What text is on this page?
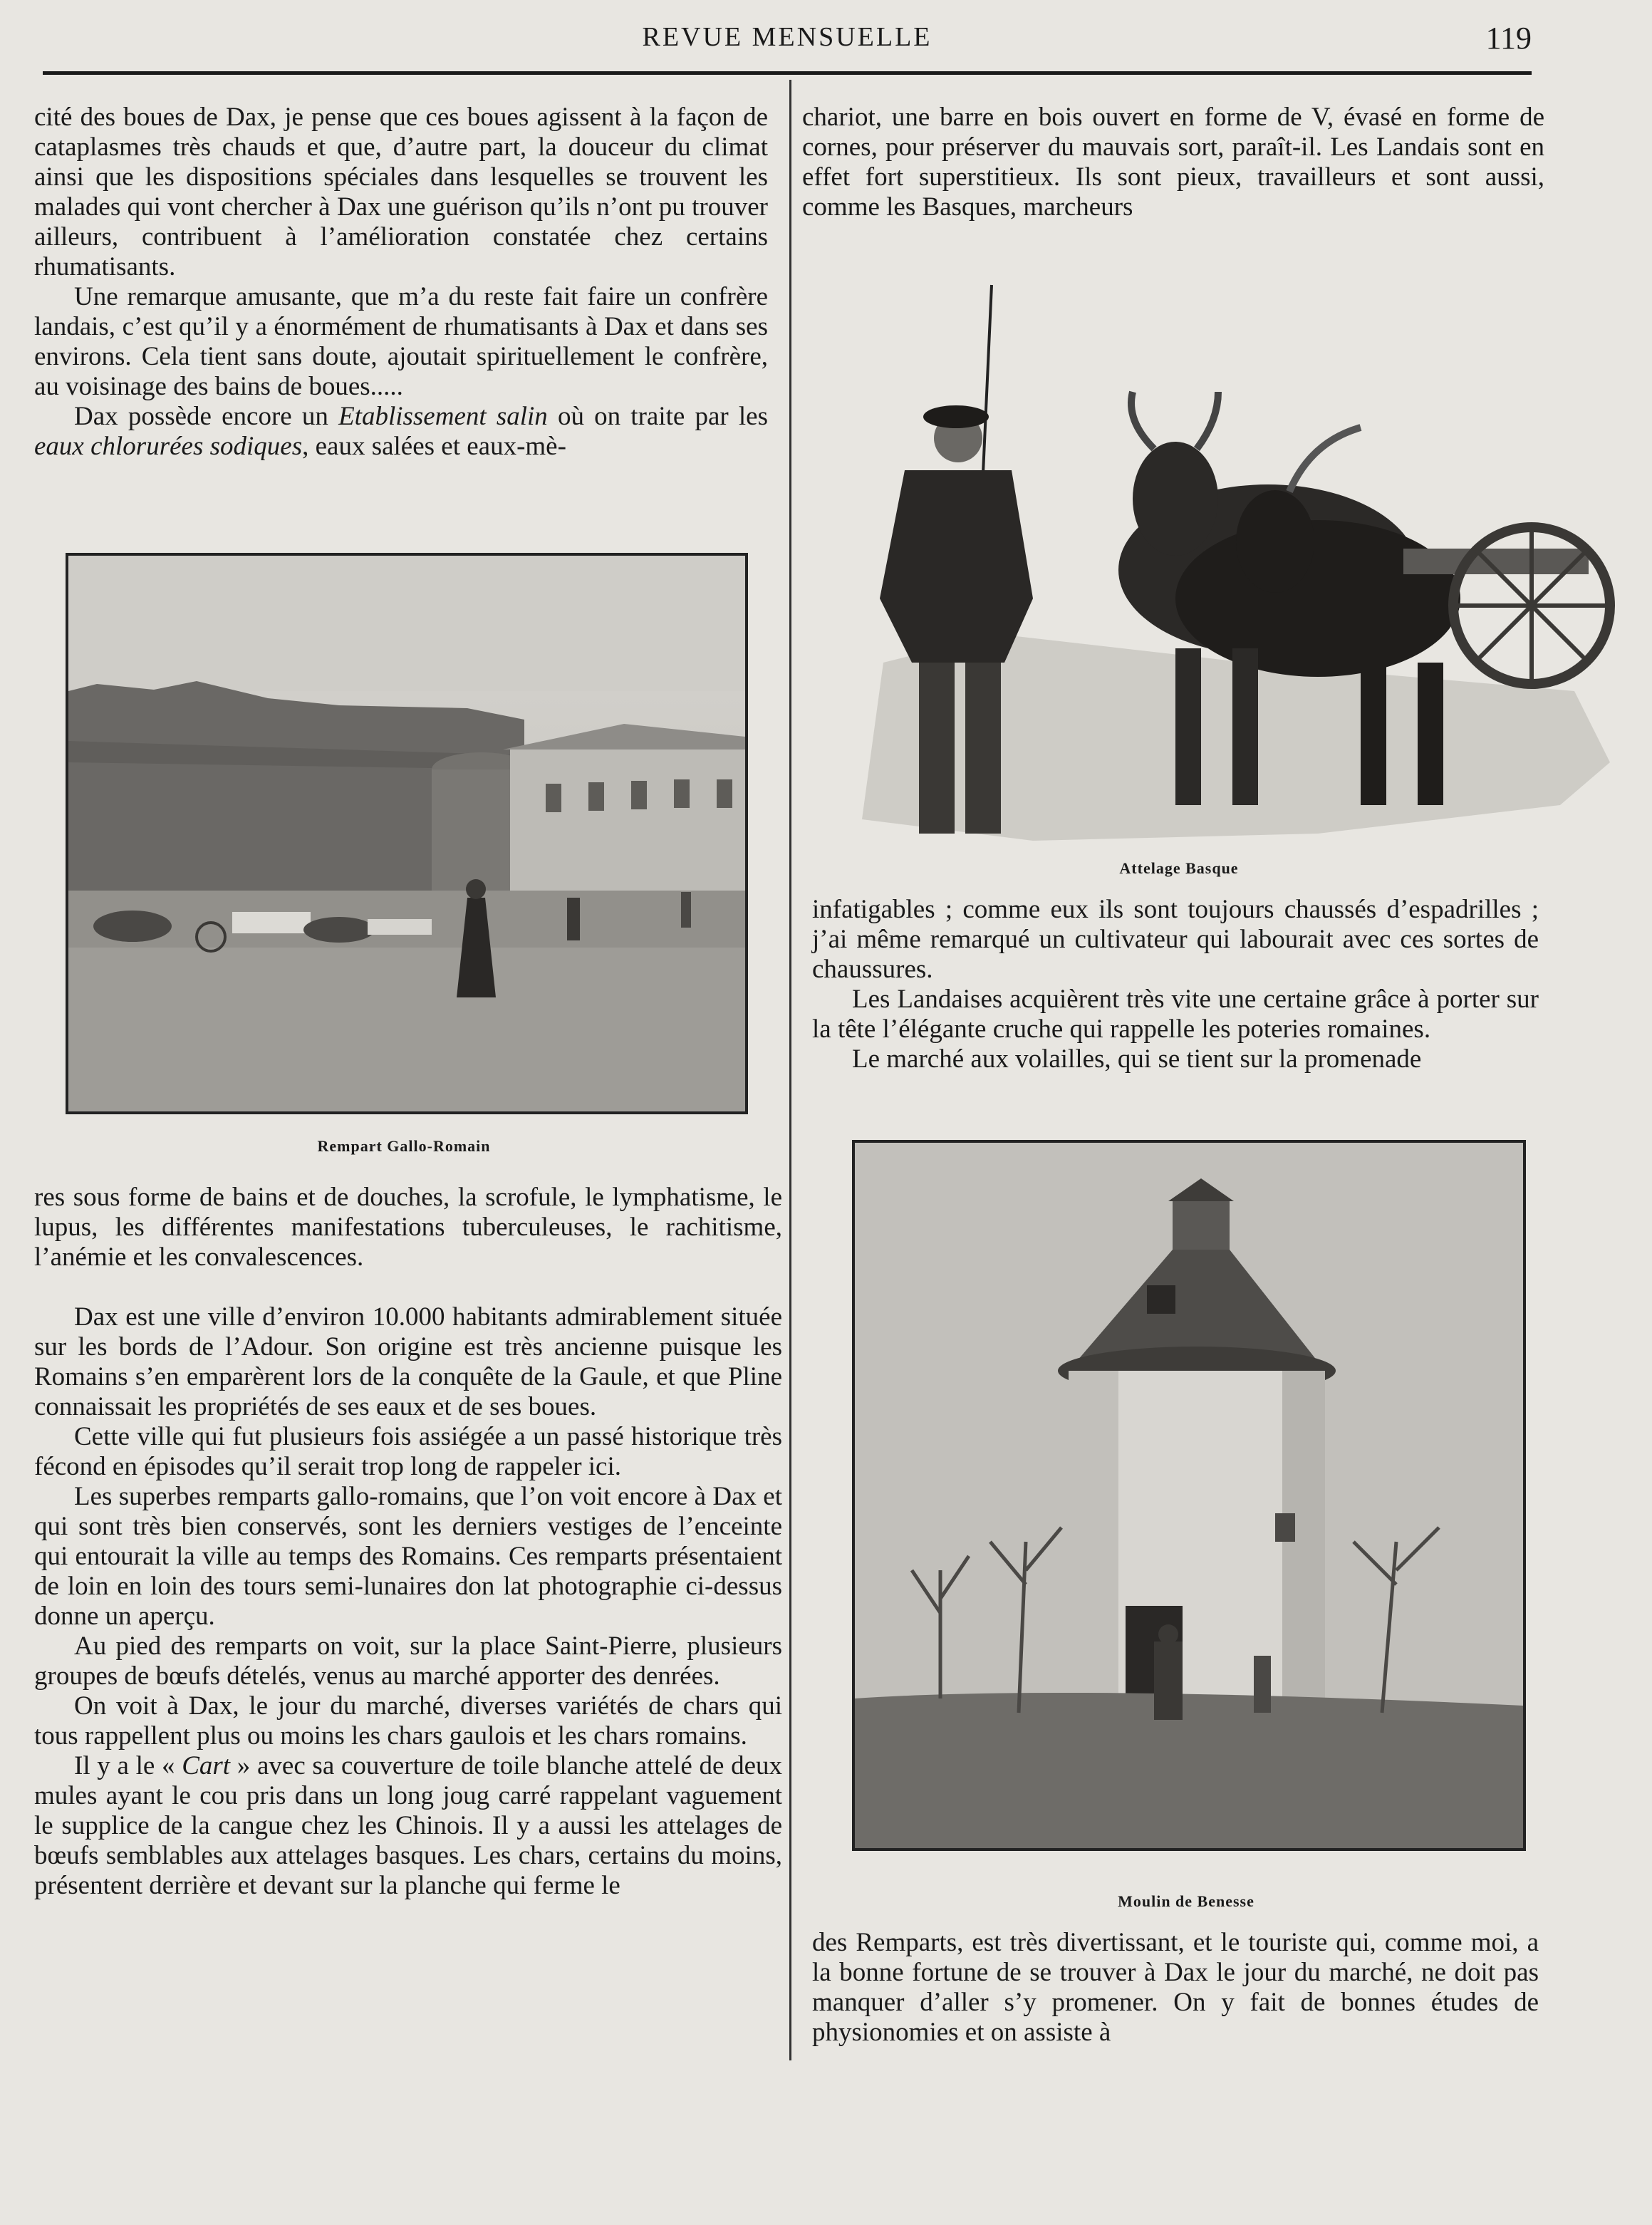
REVUE MENSUELLE	119

cité des boues de Dax, je pense que ces boues agissent à la façon de cataplasmes très chauds et que, d’autre part, la douceur du climat ainsi que les dispositions spéciales dans lesquelles se trouvent les malades qui vont chercher à Dax une guérison qu’ils n’ont pu trouver ailleurs, contribuent à l’amélioration constatée chez certains rhumatisants.

Une remarque amusante, que m’a du reste fait faire un confrère landais, c’est qu’il y a énormément de rhumatisants à Dax et dans ses environs. Cela tient sans doute, ajoutait spirituellement le confrère, au voisinage des bains de boues.....

Dax possède encore un Etablissement salin où on traite par les eaux chlorurées sodiques, eaux salées et eaux-mè-

Rempart Gallo-Romain

res sous forme de bains et de douches, la scrofule, le lymphatisme, le lupus, les différentes manifestations tuberculeuses, le rachitisme, l’anémie et les convalescences.

Dax est une ville d’environ 10.000 habitants admirablement située sur les bords de l’Adour. Son origine est très ancienne puisque les Romains s’en emparèrent lors de la conquête de la Gaule, et que Pline connaissait les propriétés de ses eaux et de ses boues.

Cette ville qui fut plusieurs fois assiégée a un passé historique très fécond en épisodes qu’il serait trop long de rappeler ici.

Les superbes remparts gallo-romains, que l’on voit encore à Dax et qui sont très bien conservés, sont les derniers vestiges de l’enceinte qui entourait la ville au temps des Romains. Ces remparts présentaient de loin en loin des tours semi-lunaires don lat photographie ci-dessus donne un aperçu.

Au pied des remparts on voit, sur la place Saint-Pierre, plusieurs groupes de bœufs dételés, venus au marché apporter des denrées.

On voit à Dax, le jour du marché, diverses variétés de chars qui tous rappellent plus ou moins les chars gaulois et les chars romains.

Il y a le « Cart » avec sa couverture de toile blanche attelé de deux mules ayant le cou pris dans un long joug carré rappelant vaguement le supplice de la cangue chez les Chinois. Il y a aussi les attelages de bœufs semblables aux attelages basques. Les chars, certains du moins, présentent derrière et devant sur la planche qui ferme le

chariot, une barre en bois ouvert en forme de V, évasé en forme de cornes, pour préserver du mauvais sort, paraît-il. Les Landais sont en effet fort superstitieux. Ils sont pieux, travailleurs et sont aussi, comme les Basques, marcheurs

Attelage Basque

infatigables ; comme eux ils sont toujours chaussés d’espadrilles ; j’ai même remarqué un cultivateur qui labourait avec ces sortes de chaussures.

Les Landaises acquièrent très vite une certaine grâce à porter sur la tête l’élégante cruche qui rappelle les poteries romaines.

Le marché aux volailles, qui se tient sur la promenade

Moulin de Benesse

des Remparts, est très divertissant, et le touriste qui, comme moi, a la bonne fortune de se trouver à Dax le jour du marché, ne doit pas manquer d’aller s’y promener. On y fait de bonnes études de physionomies et on assiste à
